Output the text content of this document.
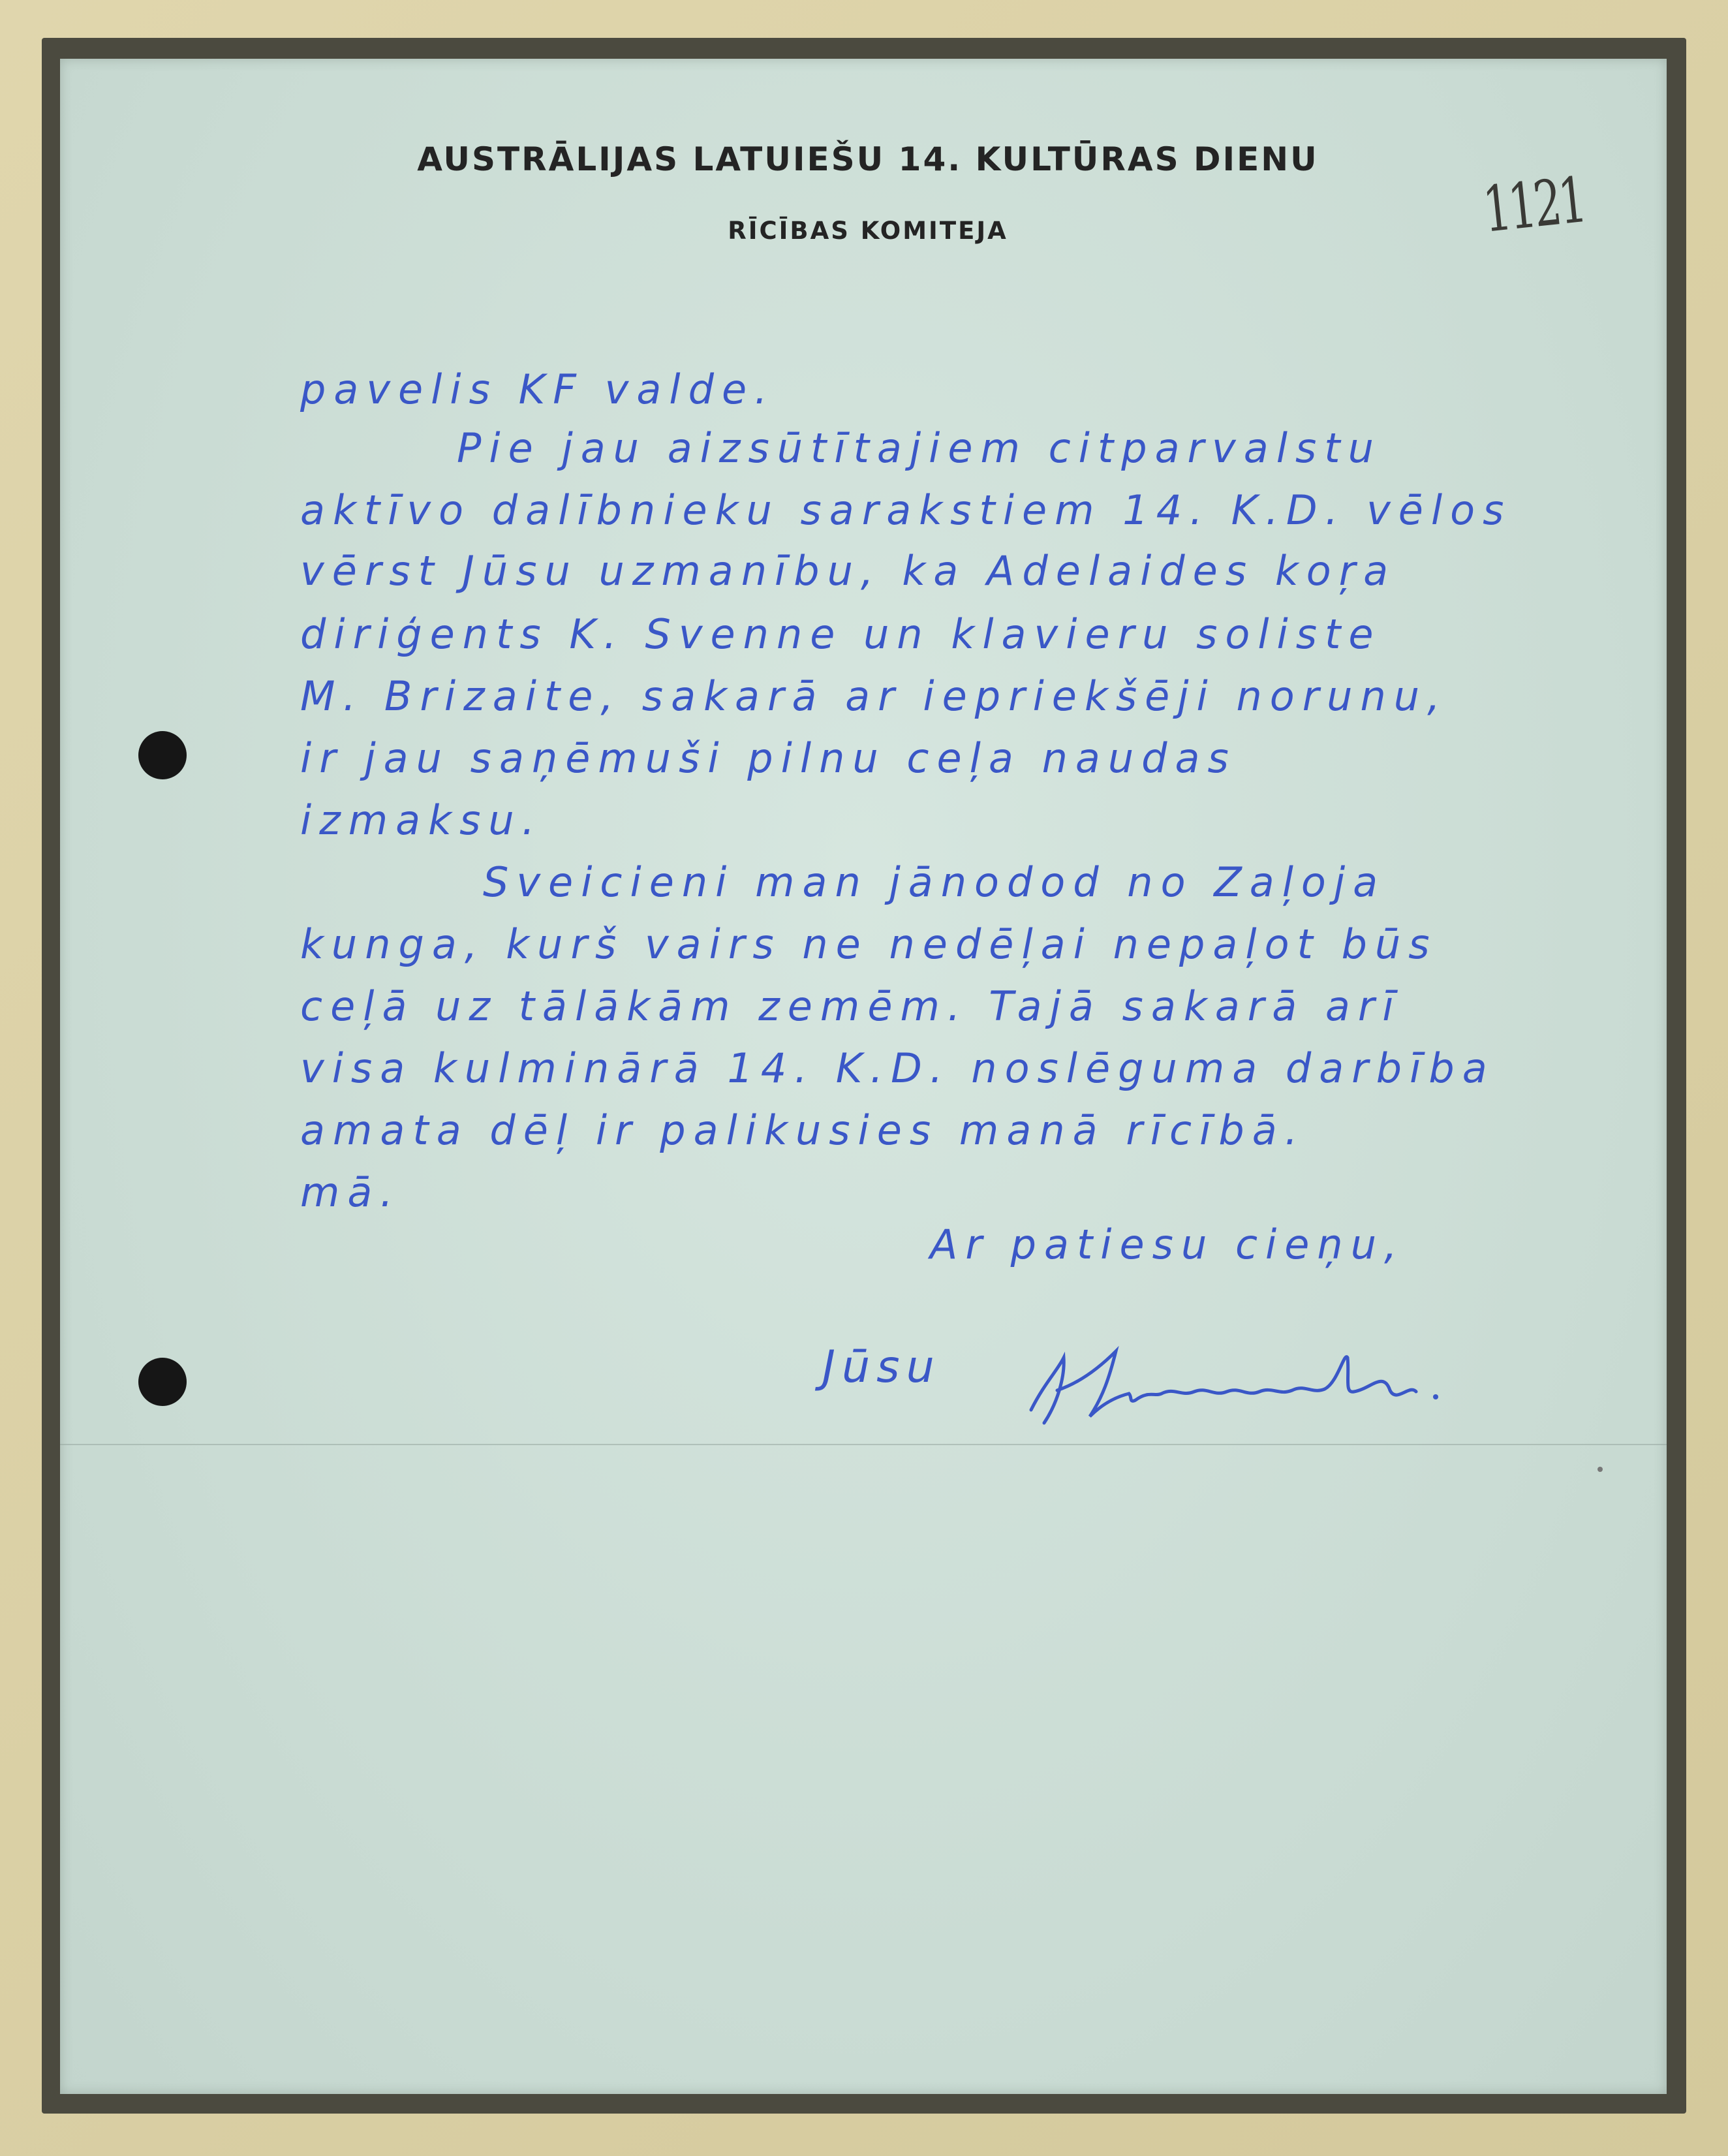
AUSTRĀLIJAS LATUIEŠU 14. KULTŪRAS DIENU
RĪCĪBAS KOMITEJA	1121
pavelis KF valde.
Pie jau aizsūtītajiem citparvalstu
aktīvo dalībnieku sarakstiem 14. K.D. vēlos
vērst Jūsu uzmanību, ka Adelaides koŗa
diriģents K. Svenne un klavieru soliste
M. Brizaite, sakarā ar iepriekšēji norunu,
ir jau saņēmuši pilnu ceļa naudas
izmaksu.
Sveicieni man jānodod no Zaļoja
kunga, kurš vairs ne nedēļai nepaļot būs
ceļā uz tālākām zemēm. Tajā sakarā arī
visa kulminārā 14. K.D. noslēguma darbība
amata dēļ ir palikusies manā rīcībā.
mā.
Ar patiesu cieņu,
Jūsu
